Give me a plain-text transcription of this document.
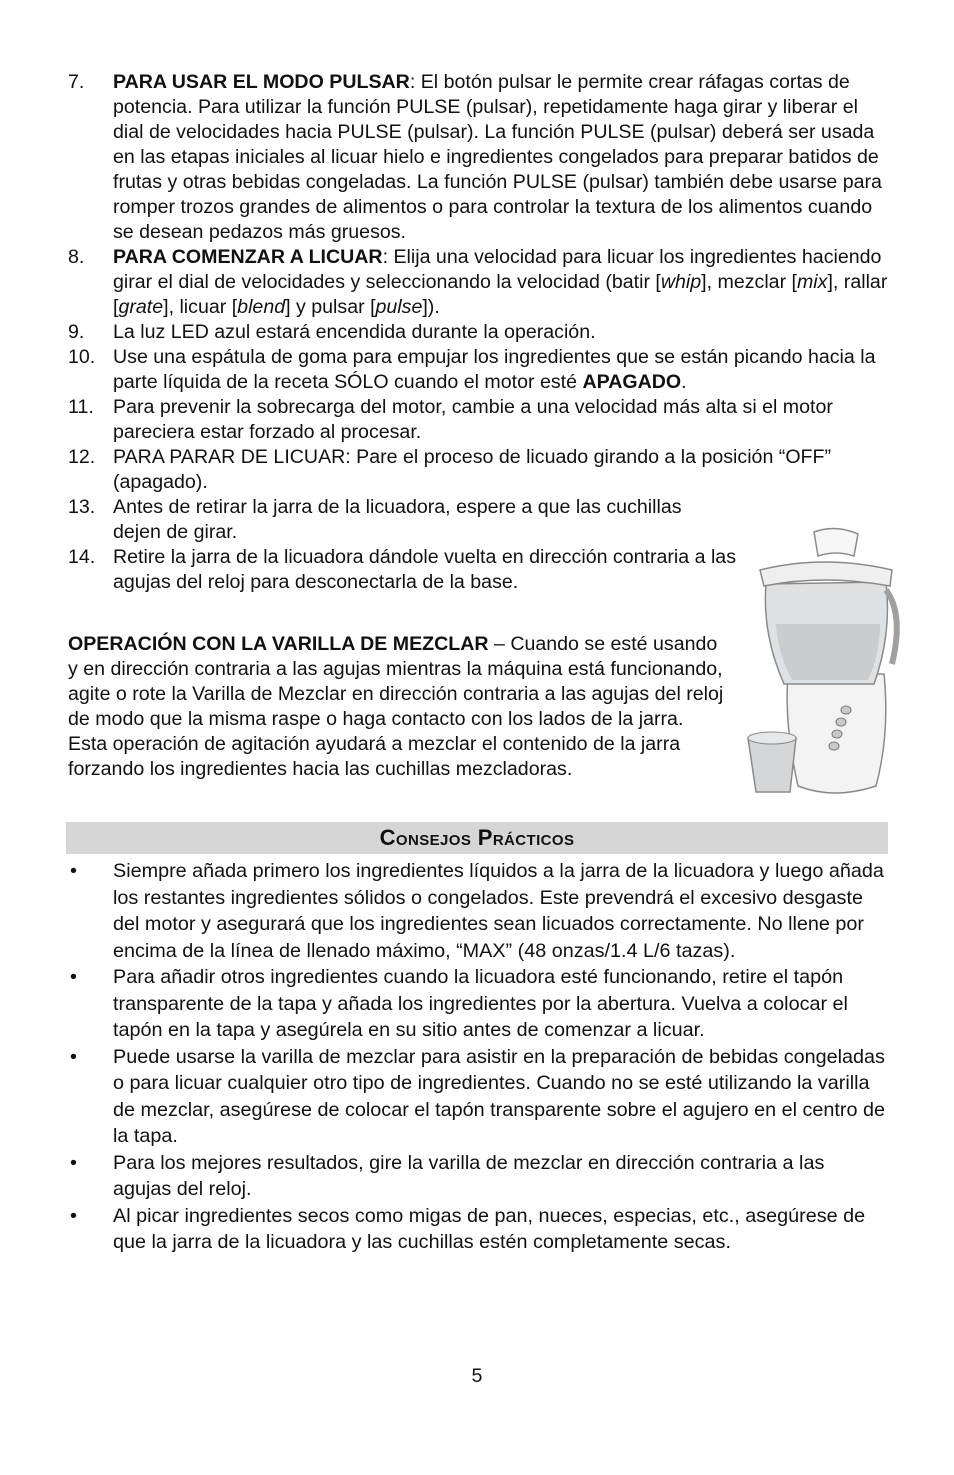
7. PARA USAR EL MODO PULSAR: El botón pulsar le permite crear ráfagas cortas de potencia. Para utilizar la función PULSE (pulsar), repetidamente haga girar y liberar el dial de velocidades hacia PULSE (pulsar). La función PULSE (pulsar) deberá ser usada en las etapas iniciales al licuar hielo e ingredientes congelados para preparar batidos de frutas y otras bebidas congeladas. La función PULSE (pulsar) también debe usarse para romper trozos grandes de alimentos o para controlar la textura de los alimentos cuando se desean pedazos más gruesos.
8. PARA COMENZAR A LICUAR: Elija una velocidad para licuar los ingredientes haciendo girar el dial de velocidades y seleccionando la velocidad (batir [whip], mezclar [mix], rallar [grate], licuar [blend] y pulsar [pulse]).
9. La luz LED azul estará encendida durante la operación.
10. Use una espátula de goma para empujar los ingredientes que se están picando hacia la parte líquida de la receta SÓLO cuando el motor esté APAGADO.
11. Para prevenir la sobrecarga del motor, cambie a una velocidad más alta si el motor pareciera estar forzado al procesar.
12. PARA PARAR DE LICUAR: Pare el proceso de licuado girando a la posición “OFF” (apagado).
13. Antes de retirar la jarra de la licuadora, espere a que las cuchillas dejen de girar.
14. Retire la jarra de la licuadora dándole vuelta en dirección contraria a las agujas del reloj para desconectarla de la base.

OPERACIÓN CON LA VARILLA DE MEZCLAR – Cuando se esté usando y en dirección contraria a las agujas mientras la máquina está funcionando, agite o rote la Varilla de Mezclar en dirección contraria a las agujas del reloj de modo que la misma raspe o haga contacto con los lados de la jarra. Esta operación de agitación ayudará a mezclar el contenido de la jarra forzando los ingredientes hacia las cuchillas mezcladoras.

Consejos Prácticos
• Siempre añada primero los ingredientes líquidos a la jarra de la licuadora y luego añada los restantes ingredientes sólidos o congelados. Este prevendrá el excesivo desgaste del motor y asegurará que los ingredientes sean licuados correctamente. No llene por encima de la línea de llenado máximo, “MAX” (48 onzas/1.4 L/6 tazas).
• Para añadir otros ingredientes cuando la licuadora esté funcionando, retire el tapón transparente de la tapa y añada los ingredientes por la abertura. Vuelva a colocar el tapón en la tapa y asegúrela en su sitio antes de comenzar a licuar.
• Puede usarse la varilla de mezclar para asistir en la preparación de bebidas congeladas o para licuar cualquier otro tipo de ingredientes. Cuando no se esté utilizando la varilla de mezclar, asegúrese de colocar el tapón transparente sobre el agujero en el centro de la tapa.
• Para los mejores resultados, gire la varilla de mezclar en dirección contraria a las agujas del reloj.
• Al picar ingredientes secos como migas de pan, nueces, especias, etc., asegúrese de que la jarra de la licuadora y las cuchillas estén completamente secas.
5
